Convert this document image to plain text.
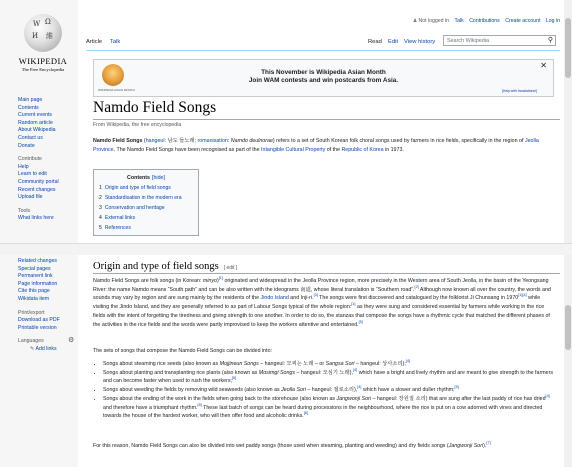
W Ω
И 維
WIKIPEDIA
The Free Encyclopedia
Main page
Contents
Current events
Random article
About Wikipedia
Contact us
Donate
Contribute
Help
Learn to edit
Community portal
Recent changes
Upload file
Tools
What links here
♟Not logged in Talk Contributions Create account Log in
Article Talk	Read Edit View history	Search Wikipedia	⚲
WIKIPEDIA ASIAN MONTH
This November is Wikipedia Asian Month
Join WAM contests and win postcards from Asia.
✕
[Help with translations!]
Namdo Field Songs
From Wikipedia, the free encyclopedia
Namdo Field Songs (hangeul: 남도 들노래; romanisation: Namdo deulnorae) refers to a set of South Korean folk choral songs used by farmers in rice fields, specifically in the region of Jeolla Province. The Namdo Field Songs have been recognised as part of the Intangible Cultural Property of the Republic of Korea in 1973.
Contents [hide]
1 Origin and type of field songs
2 Standardisation in the modern era
3 Conservation and heritage
4 External links
5 References
Related changes
Special pages
Permanent link
Page information
Cite this page
Wikidata item
Print/export
Download as PDF
Printable version
Languages	⚙
✎ Add links
Origin and type of field songs [ edit ]
Namdo Field Songs are folk songs (in Korean: minyo)[1] originated and widespread in the Jeolla Province region, more precisely in the Western area of South Jeolla, in the basin of the Yeongsang River: the name Namdo means “South path” and can be also written with the ideograms 南道, whose literal translation is “Southern road”.[2] Although now known all over the country, the words and sounds may vary by region and are sung mainly by the residents of the Jindo Island and Inji-ri.[3] The songs were first discovered and catalogued by the folklorist Ji Chunsang in 1970[1][4] while visiting the Jindo Island, and they are generally referred to as part of Labour Songs typical of the whole region:[1] as they were sung and considered essential by farmers while working in the rice fields with the intent of forgetting the tiredness and giving strength to one another. In order to do so, the stanzas that compose the songs have a rhythmic cycle that matched the different phases of the activities in the rice fields and the words were partly improvised to keep the workers attentive and entertained.[5]
The sets of songs that compose the Namdo Field Songs can be divided into:
• Songs about steaming rice seeds (also known as Mojjineun Songs – hangeul: 모찌는 노래 – or Sangsa Sori – hangeul: 상사소리);[4]
• Songs about planting and transplanting rice plants (also known as Mosimgi Songs – hangeul: 모심기 노래),[4] which have a bright and lively rhythm and are meant to give strength to the farmers and can become faster when used to rush the workers;[5]
• Songs about weeding the fields by removing wild seaweeds (also known as Jeolla Sori – hangeul: 절로소리),[4] which have a slower and duller rhythm;[5]
• Songs about the ending of the work in the fields when going back to the storehouse (also known as Jangwonji Sori – hangeul: 장원질 소리) that are sung after the last paddy of rice has dried[4] and therefore have a triumphant rhythm.[5] These last batch of songs can be heard during processions in the neighbourhood, where the rice is put on a cow adorned with vines and directed towards the house of the hardest worker, who will then offer food and alcoholic drinks.[6]
For this reason, Namdo Field Songs can also be divided into wet paddy songs (those used when steaming, planting and weeding) and dry fields songs (Jangwonji Sori).[7]
